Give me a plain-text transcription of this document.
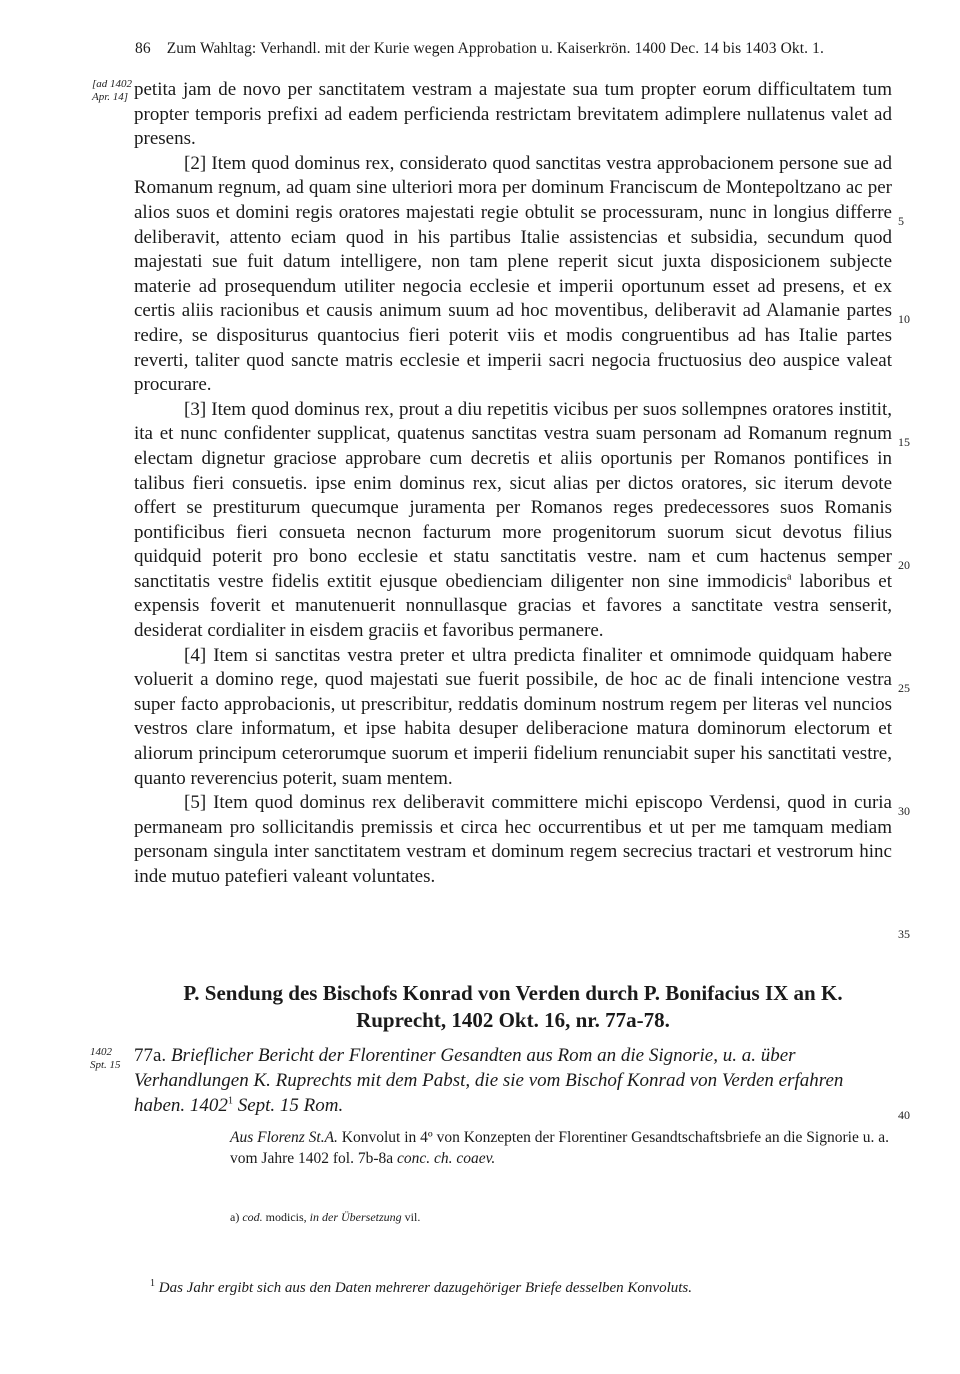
86 Zum Wahltag: Verhandl. mit der Kurie wegen Approbation u. Kaiserkrön. 1400 Dec. 14 bis 1403 Okt. 1.
[ad 1402
Apr. 14] petita jam de novo per sanctitatem vestram a majestate sua tum propter eorum difficultatem tum propter temporis prefixi ad eadem perficienda restrictam brevitatem adimplere nullatenus valet ad presens.

[2] Item quod dominus rex, considerato quod sanctitas vestra approbacionem personе sue ad Romanum regnum, ad quam sine ulteriori mora per dominum Franciscum de Montepoltzano ac per alios suos et domini regis oratores majestati regie obtulit se processuram, nunc in longius differre deliberavit, attento eciam quod in his partibus Italie assistencias et subsidia, secundum quod majestati sue fuit datum intelligere, non tam plene reperit sicut juxta disposicionem subjecte materie ad prosequendum utiliter negocia ecclesie et imperii oportunum esset ad presens, et ex certis aliis racionibus et causis animum suum ad hoc moventibus, deliberavit ad Alamanie partes redire, se dispositurus quantocius fieri poterit viis et modis congruentibus ad has Italie partes reverti, taliter quod sancte matris ecclesie et imperii sacri negocia fructuosius deo auspice valeat procurare.

[3] Item quod dominus rex, prout a diu repetitis vicibus per suos sollempnes oratores institit, ita et nunc confidenter supplicat, quatenus sanctitas vestra suam personam ad Romanum regnum electam dignetur graciose approbare cum decretis et aliis oportunis per Romanos pontifices in talibus fieri consuetis. ipse enim dominus rex, sicut alias per dictos oratores, sic iterum devote offert se prestiturum quecumque juramenta per Romanos reges predecessores suos Romanis pontificibus fieri consueta necnon facturum more progenitorum suorum sicut devotus filius quidquid poterit pro bono ecclesie et statu sanctitatis vestre. nam et cum hactenus semper sanctitatis vestre fidelis extitit ejusque obedienciam diligenter non sine immodicis$^a$ laboribus et expensis foverit et manutenuerit nonnullasque gracias et favores a sanctitate vestra senserit, desiderat cordialiter in eisdem graciis et favoribus permanere.

[4] Item si sanctitas vestra preter et ultra predicta finaliter et omnimode quidquam habere voluerit a domino rege, quod majestati sue fuerit possibile, de hoc ac de finali intencione vestra super facto approbacionis, ut prescribitur, reddatis dominum nostrum regem per literas vel nuncios vestros clare informatum, et ipse habita desuper deliberacione matura dominorum electorum et aliorum principum ceterorumque suorum et imperii fidelium renunciabit super his sanctitati vestre, quanto reverencius poterit, suam mentem.

[5] Item quod dominus rex deliberavit committere michi episcopo Verdensi, quod in curia permaneam pro sollicitandis premissis et circa hec occurrentibus et ut per me tamquam mediam personam singula inter sanctitatem vestram et dominum regem secrecius tractari et vestrorum hinc inde mutuo patefieri valeant voluntates.

5
10
15
20
25
30
35
40
P. Sendung des Bischofs Konrad von Verden durch P. Bonifacius IX an K.
Ruprecht, 1402 Okt. 16, nr. 77a-78.
1402
Spt. 15 77a. Brieflicher Bericht der Florentiner Gesandten aus Rom an die Signorie, u. a. über Verhandlungen K. Ruprechts mit dem Pabst, die sie vom Bischof Konrad von Verden erfahren haben. 1402$^1$ Sept. 15 Rom.
Aus Florenz St.A. Konvolut in 4º von Konzepten der Florentiner Gesandtschaftsbriefe an die Signorie u. a. vom Jahre 1402 fol. 7b-8a conc. ch. coaev.
a) cod. modicis, in der Übersetzung vil.
$^1$ Das Jahr ergibt sich aus den Daten mehrerer dazugehöriger Briefe desselben Konvoluts.
